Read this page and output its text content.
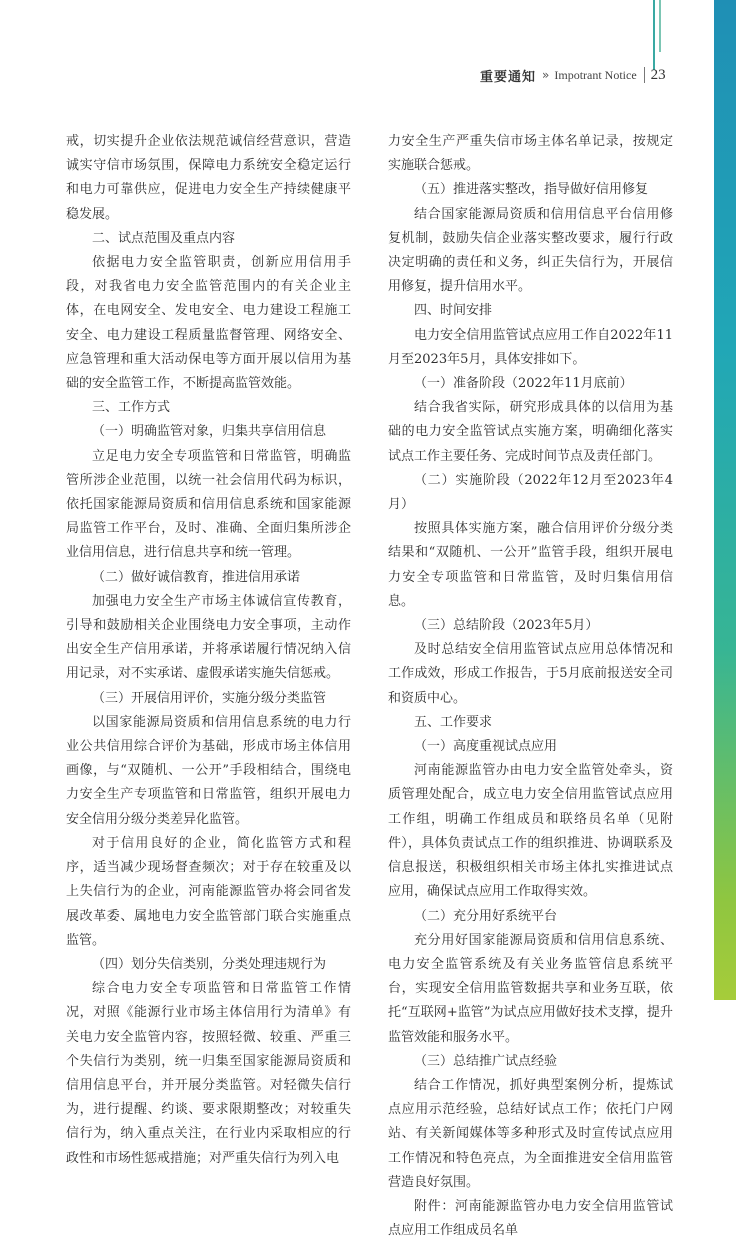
重要通知 » Impotrant Notice 23

戒，切实提升企业依法规范诚信经营意识，营造诚实守信市场氛围，保障电力系统安全稳定运行和电力可靠供应，促进电力安全生产持续健康平稳发展。

二、试点范围及重点内容

依据电力安全监管职责，创新应用信用手段，对我省电力安全监管范围内的有关企业主体，在电网安全、发电安全、电力建设工程施工安全、电力建设工程质量监督管理、网络安全、应急管理和重大活动保电等方面开展以信用为基础的安全监管工作，不断提高监管效能。

三、工作方式

（一）明确监管对象，归集共享信用信息

立足电力安全专项监管和日常监管，明确监管所涉企业范围，以统一社会信用代码为标识，依托国家能源局资质和信用信息系统和国家能源局监管工作平台，及时、准确、全面归集所涉企业信用信息，进行信息共享和统一管理。

（二）做好诚信教育，推进信用承诺

加强电力安全生产市场主体诚信宣传教育，引导和鼓励相关企业围绕电力安全事项，主动作出安全生产信用承诺，并将承诺履行情况纳入信用记录，对不实承诺、虚假承诺实施失信惩戒。

（三）开展信用评价，实施分级分类监管

以国家能源局资质和信用信息系统的电力行业公共信用综合评价为基础，形成市场主体信用画像，与“双随机、一公开”手段相结合，围绕电力安全生产专项监管和日常监管，组织开展电力安全信用分级分类差异化监管。

对于信用良好的企业，简化监管方式和程序，适当减少现场督查频次；对于存在较重及以上失信行为的企业，河南能源监管办将会同省发展改革委、属地电力安全监管部门联合实施重点监管。

（四）划分失信类别，分类处理违规行为

综合电力安全专项监管和日常监管工作情况，对照《能源行业市场主体信用行为清单》有关电力安全监管内容，按照轻微、较重、严重三个失信行为类别，统一归集至国家能源局资质和信用信息平台，并开展分类监管。对轻微失信行为，进行提醒、约谈、要求限期整改；对较重失信行为，纳入重点关注，在行业内采取相应的行政性和市场性惩戒措施；对严重失信行为列入电

力安全生产严重失信市场主体名单记录，按规定实施联合惩戒。

（五）推进落实整改，指导做好信用修复

结合国家能源局资质和信用信息平台信用修复机制，鼓励失信企业落实整改要求，履行行政决定明确的责任和义务，纠正失信行为，开展信用修复，提升信用水平。

四、时间安排

电力安全信用监管试点应用工作自2022年11月至2023年5月，具体安排如下。

（一）准备阶段（2022年11月底前）

结合我省实际，研究形成具体的以信用为基础的电力安全监管试点实施方案，明确细化落实试点工作主要任务、完成时间节点及责任部门。

（二）实施阶段（2022年12月至2023年4月）

按照具体实施方案，融合信用评价分级分类结果和“双随机、一公开”监管手段，组织开展电力安全专项监管和日常监管，及时归集信用信息。

（三）总结阶段（2023年5月）

及时总结安全信用监管试点应用总体情况和工作成效，形成工作报告，于5月底前报送安全司和资质中心。

五、工作要求

（一）高度重视试点应用

河南能源监管办由电力安全监管处牵头，资质管理处配合，成立电力安全信用监管试点应用工作组，明确工作组成员和联络员名单（见附件），具体负责试点工作的组织推进、协调联系及信息报送，积极组织相关市场主体扎实推进试点应用，确保试点应用工作取得实效。

（二）充分用好系统平台

充分用好国家能源局资质和信用信息系统、电力安全监管系统及有关业务监管信息系统平台，实现安全信用监管数据共享和业务互联，依托“互联网+监管”为试点应用做好技术支撑，提升监管效能和服务水平。

（三）总结推广试点经验

结合工作情况，抓好典型案例分析，提炼试点应用示范经验，总结好试点工作；依托门户网站、有关新闻媒体等多种形式及时宣传试点应用工作情况和特色亮点，为全面推进安全信用监管营造良好氛围。

附件：河南能源监管办电力安全信用监管试点应用工作组成员名单
